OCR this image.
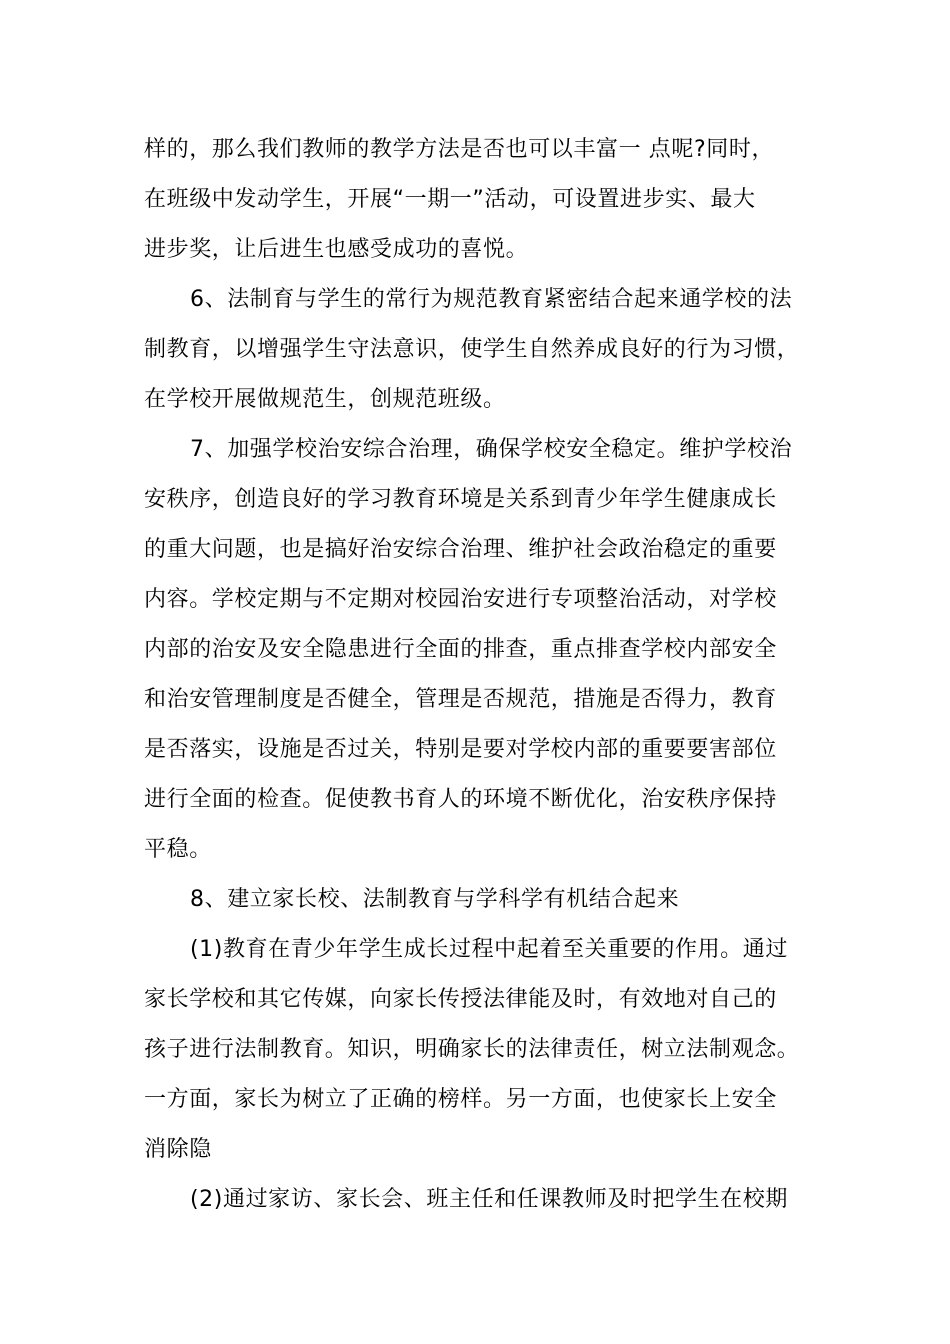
样的，那么我们教师的教学方法是否也可以丰富一 点呢?同时，
在班级中发动学生，开展“一期一”活动，可设置进步实、最大
进步奖，让后进生也感受成功的喜悦。
6、法制育与学生的常行为规范教育紧密结合起来通学校的法
制教育，以增强学生守法意识，使学生自然养成良好的行为习惯，
在学校开展做规范生，创规范班级。
7、加强学校治安综合治理，确保学校安全稳定。维护学校治
安秩序，创造良好的学习教育环境是关系到青少年学生健康成长
的重大问题，也是搞好治安综合治理、维护社会政治稳定的重要
内容。学校定期与不定期对校园治安进行专项整治活动，对学校
内部的治安及安全隐患进行全面的排查，重点排查学校内部安全
和治安管理制度是否健全，管理是否规范，措施是否得力，教育
是否落实，设施是否过关，特别是要对学校内部的重要要害部位
进行全面的检查。促使教书育人的环境不断优化，治安秩序保持
平稳。
8、建立家长校、法制教育与学科学有机结合起来
(1)教育在青少年学生成长过程中起着至关重要的作用。通过
家长学校和其它传媒，向家长传授法律能及时，有效地对自己的
孩子进行法制教育。知识，明确家长的法律责任，树立法制观念。
一方面，家长为树立了正确的榜样。另一方面，也使家长上安全
消除隐
(2)通过家访、家长会、班主任和任课教师及时把学生在校期
